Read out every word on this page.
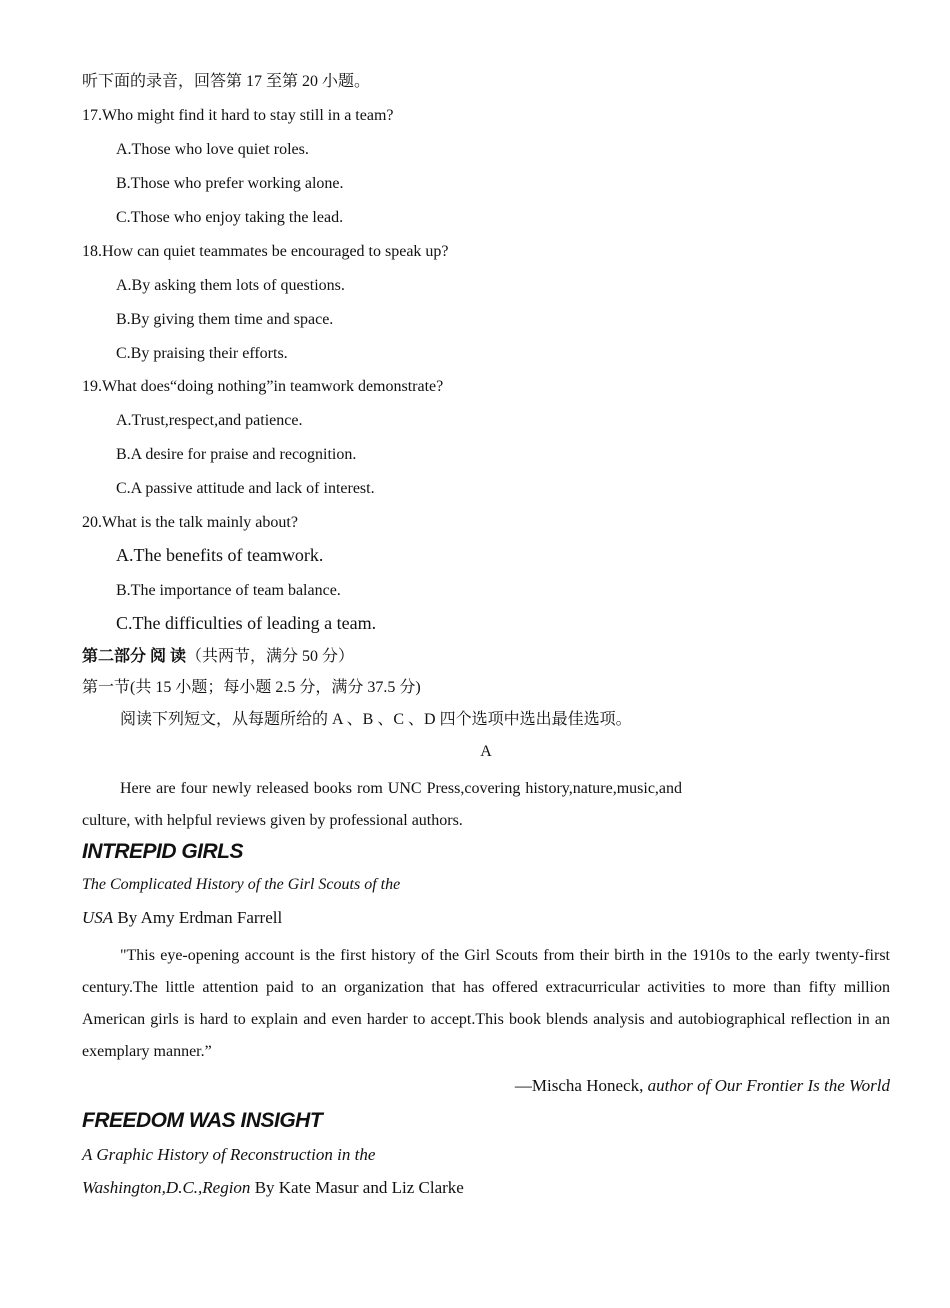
听下面的录音，回答第 17 至第 20 小题。
17.Who might find it hard to stay still in a team?
A.Those who love quiet roles.
B.Those who prefer working alone.
C.Those who enjoy taking the lead.
18.How can quiet teammates be encouraged to speak up?
A.By asking them lots of questions.
B.By giving them time and space.
C.By praising their efforts.
19.What does“doing nothing”in teamwork demonstrate?
A.Trust,respect,and patience.
B.A desire for praise and recognition.
C.A passive attitude and lack of interest.
20.What is the talk mainly about?
A.The benefits of teamwork.
B.The importance of team balance.
C.The difficulties of leading a team.
第二部分 阅 读（共两节，满分 50 分）
第一节(共 15 小题；每小题 2.5 分，满分 37.5 分)
阅读下列短文，从每题所给的 A 、B 、C 、D 四个选项中选出最佳选项。
A
Here are four newly released books rom UNC Press,covering history,nature,music,and
culture, with helpful reviews given by professional authors.
INTREPID GIRLS
The Complicated History of the Girl Scouts of the
USA By Amy Erdman Farrell
"This eye-opening account is the first history of the Girl Scouts from their birth in the 1910s to the early twenty-first century.The little attention paid to an organization that has offered extracurricular activities to more than fifty million American girls is hard to explain and even harder to accept.This book blends analysis and autobiographical reflection in an exemplary manner.”
—Mischa Honeck, author of Our Frontier Is the World
FREEDOM WAS INSIGHT
A Graphic History of Reconstruction in the
Washington,D.C.,Region By Kate Masur and Liz Clarke
